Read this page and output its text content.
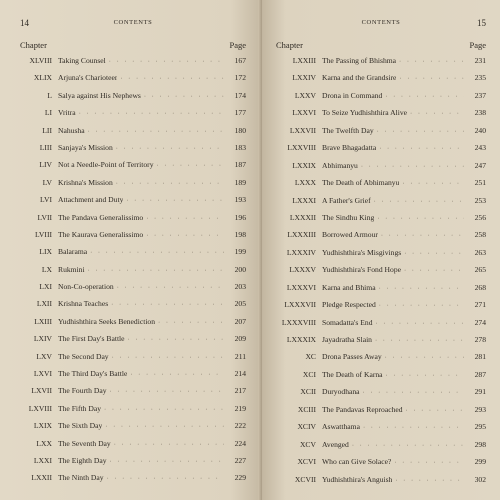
14	CONTENTS
Chapter	Page
XLVIII Taking Counsel · · ·	167
XLIX Arjuna's Charioteer · · ·	172
L Salya against His Nephews · · ·	174
LI Vritra · · ·	177
LII Nahusha · · ·	180
LIII Sanjaya's Mission · · ·	183
LIV Not a Needle-Point of Territory · · ·	187
LV Krishna's Mission · · ·	189
LVI Attachment and Duty · · ·	193
LVII The Pandava Generalissimo · · ·	196
LVIII The Kaurava Generalissimo · · ·	198
LIX Balarama · · ·	199
LX Rukmini · · ·	200
LXI Non-Co-operation · · ·	203
LXII Krishna Teaches · · ·	205
LXIII Yudhishthira Seeks Benediction · · ·	207
LXIV The First Day's Battle · · ·	209
LXV The Second Day · · ·	211
LXVI The Third Day's Battle · · ·	214
LXVII The Fourth Day · · ·	217
LXVIII The Fifth Day · · ·	219
LXIX The Sixth Day · · ·	222
LXX The Seventh Day · · ·	224
LXXI The Eighth Day · · ·	227
LXXII The Ninth Day · · ·	229
CONTENTS	15
Chapter	Page
LXXIII The Passing of Bhishma · · ·	231
LXXIV Karna and the Grandsire · · ·	235
LXXV Drona in Command · · ·	237
LXXVI To Seize Yudhishthira Alive · · ·	238
LXXVII The Twelfth Day · · ·	240
LXXVIII Brave Bhagadatta · · ·	243
LXXIX Abhimanyu · · ·	247
LXXX The Death of Abhimanyu · · ·	251
LXXXI A Father's Grief · · ·	253
LXXXII The Sindhu King · · ·	256
LXXXIII Borrowed Armour · · ·	258
LXXXIV Yudhishthira's Misgivings · · ·	263
LXXXV Yudhishthira's Fond Hope · · ·	265
LXXXVI Karna and Bhima · · ·	268
LXXXVII Pledge Respected · · ·	271
LXXXVIII Somadatta's End · · ·	274
LXXXIX Jayadratha Slain · · ·	278
XC Drona Passes Away · · ·	281
XCI The Death of Karna · · ·	287
XCII Duryodhana · · ·	291
XCIII The Pandavas Reproached · · ·	293
XCIV Aswatthama · · ·	295
XCV Avenged · · ·	298
XCVI Who can Give Solace? · · ·	299
XCVII Yudhishthira's Anguish · · ·	302
